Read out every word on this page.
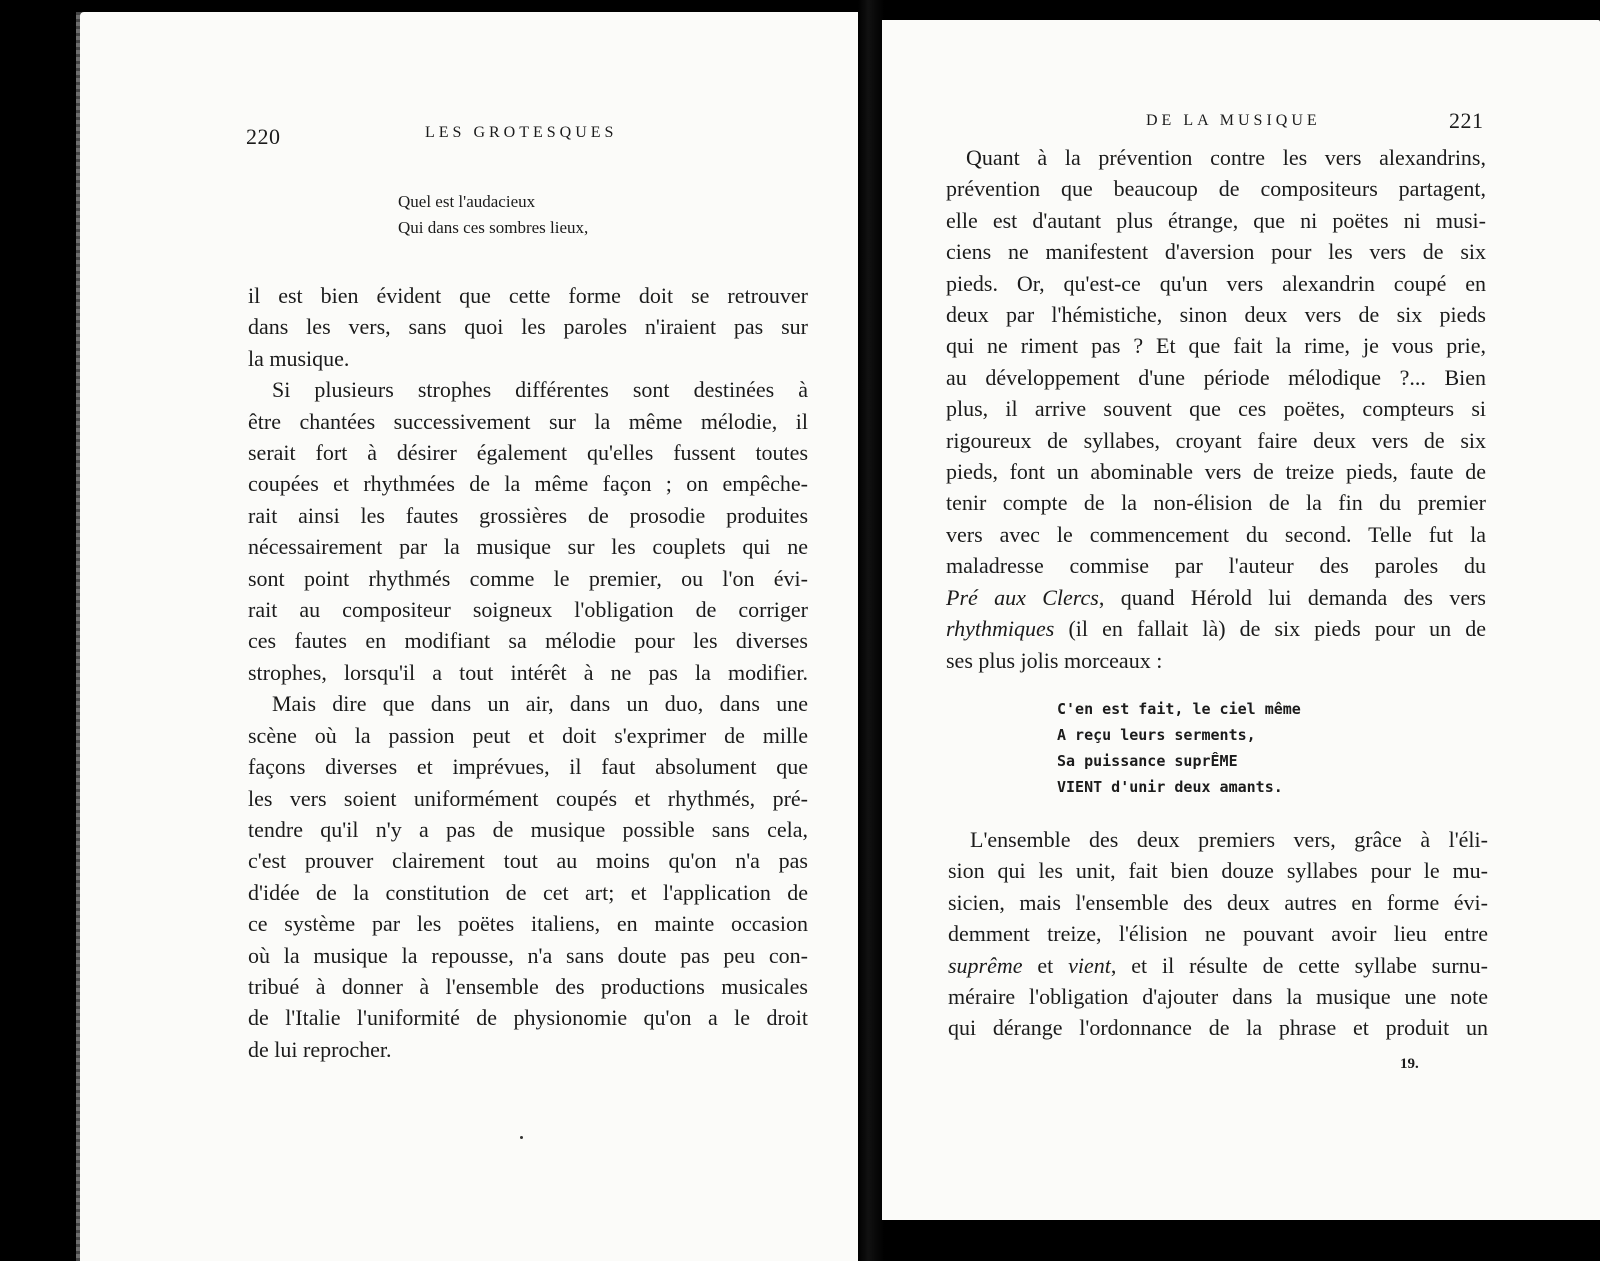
220	LES GROTESQUES
Quel est l'audacieux
Qui dans ces sombres lieux,
il est bien évident que cette forme doit se retrouver
dans les vers, sans quoi les paroles n'iraient pas sur
la musique.
Si plusieurs strophes différentes sont destinées à
être chantées successivement sur la même mélodie, il
serait fort à désirer également qu'elles fussent toutes
coupées et rhythmées de la même façon ; on empêche-
rait ainsi les fautes grossières de prosodie produites
nécessairement par la musique sur les couplets qui ne
sont point rhythmés comme le premier, ou l'on évi-
rait au compositeur soigneux l'obligation de corriger
ces fautes en modifiant sa mélodie pour les diverses
strophes, lorsqu'il a tout intérêt à ne pas la modifier.
Mais dire que dans un air, dans un duo, dans une
scène où la passion peut et doit s'exprimer de mille
façons diverses et imprévues, il faut absolument que
les vers soient uniformément coupés et rhythmés, pré-
tendre qu'il n'y a pas de musique possible sans cela,
c'est prouver clairement tout au moins qu'on n'a pas
d'idée de la constitution de cet art; et l'application de
ce système par les poëtes italiens, en mainte occasion
où la musique la repousse, n'a sans doute pas peu con-
tribué à donner à l'ensemble des productions musicales
de l'Italie l'uniformité de physionomie qu'on a le droit
de lui reprocher.
DE LA MUSIQUE	221
Quant à la prévention contre les vers alexandrins,
prévention que beaucoup de compositeurs partagent,
elle est d'autant plus étrange, que ni poëtes ni musi-
ciens ne manifestent d'aversion pour les vers de six
pieds. Or, qu'est-ce qu'un vers alexandrin coupé en
deux par l'hémistiche, sinon deux vers de six pieds
qui ne riment pas ? Et que fait la rime, je vous prie,
au développement d'une période mélodique ?... Bien
plus, il arrive souvent que ces poëtes, compteurs si
rigoureux de syllabes, croyant faire deux vers de six
pieds, font un abominable vers de treize pieds, faute de
tenir compte de la non-élision de la fin du premier
vers avec le commencement du second. Telle fut la
maladresse commise par l'auteur des paroles du
Pré aux Clercs, quand Hérold lui demanda des vers
rhythmiques (il en fallait là) de six pieds pour un de
ses plus jolis morceaux :
C'en est fait, le ciel même
A reçu leurs serments,
Sa puissance suprÊME
VIENT d'unir deux amants.
L'ensemble des deux premiers vers, grâce à l'éli-
sion qui les unit, fait bien douze syllabes pour le mu-
sicien, mais l'ensemble des deux autres en forme évi-
demment treize, l'élision ne pouvant avoir lieu entre
suprême et vient, et il résulte de cette syllabe surnu-
méraire l'obligation d'ajouter dans la musique une note
qui dérange l'ordonnance de la phrase et produit un
19.
